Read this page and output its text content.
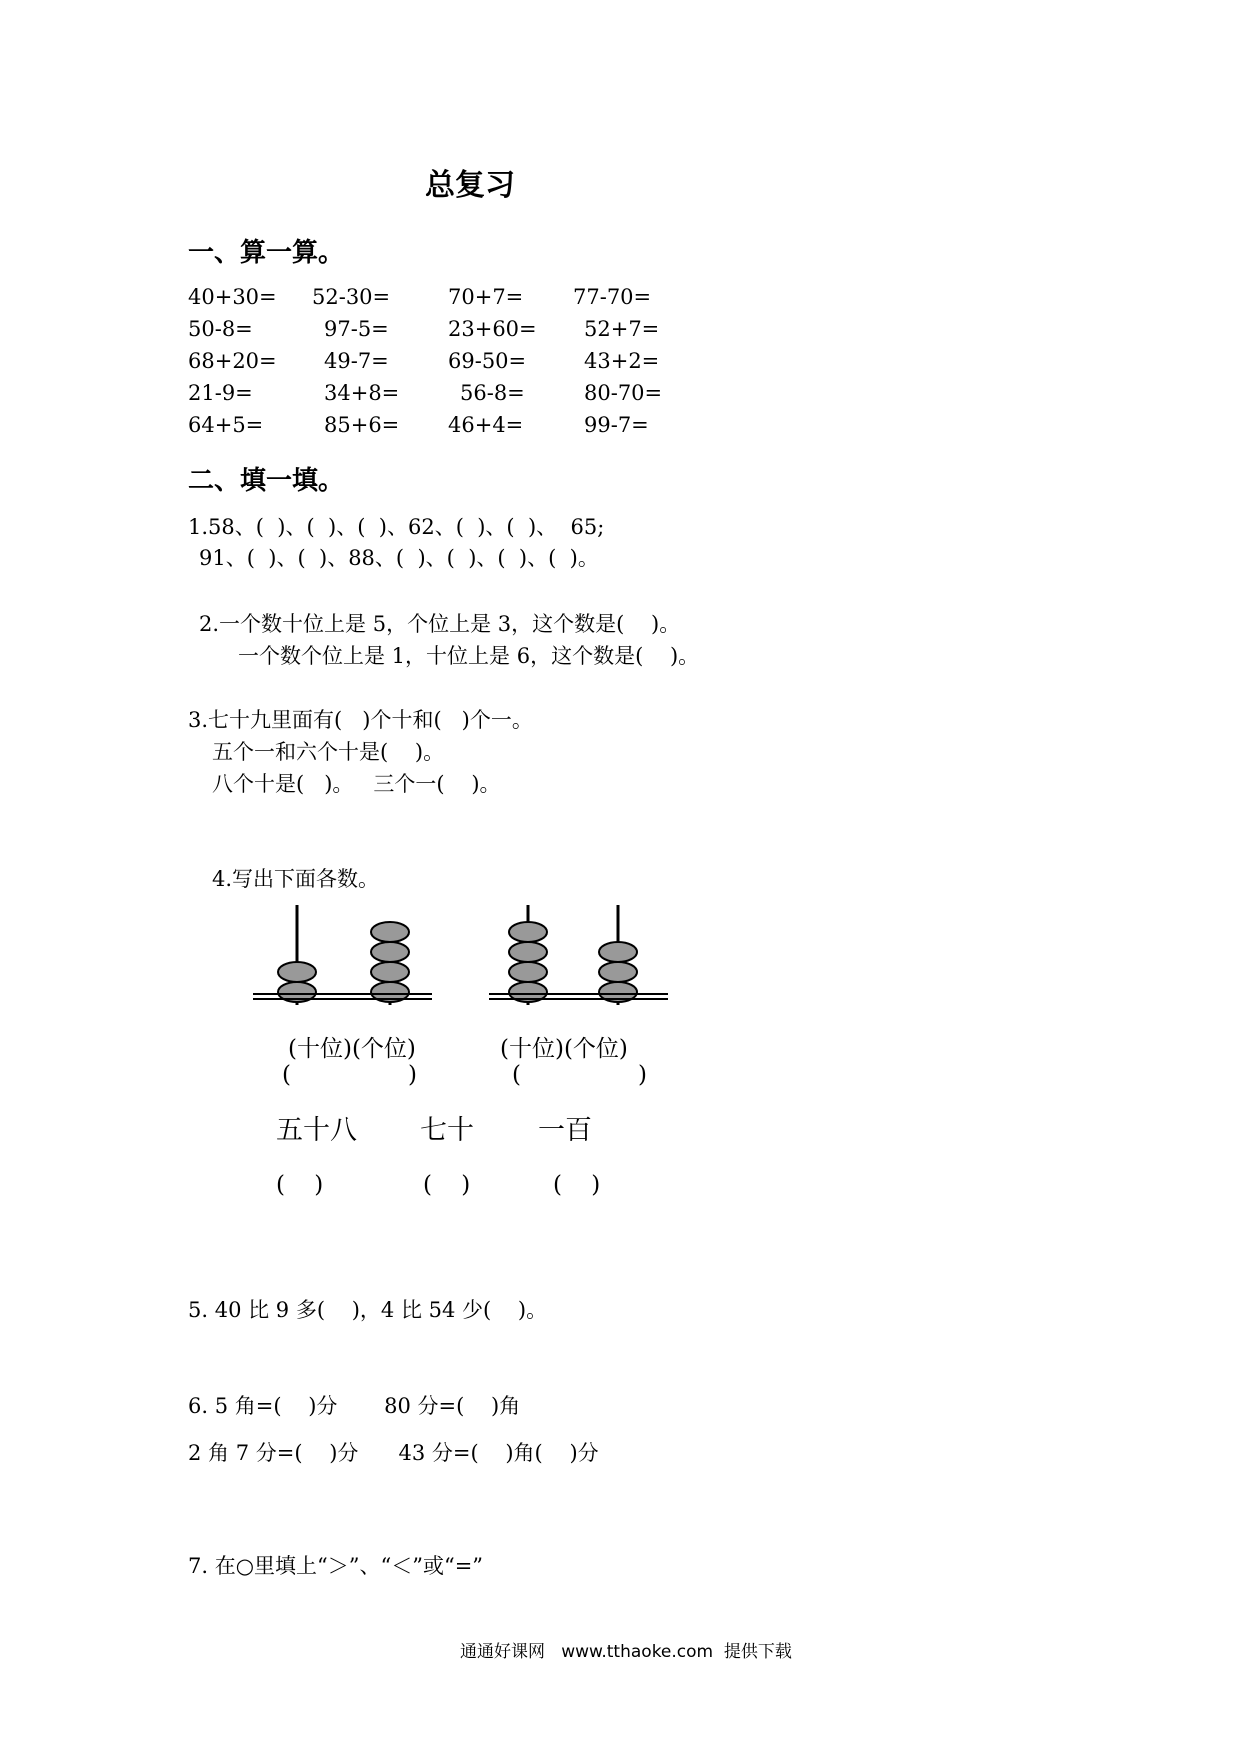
总复习
一、算一算。
40+30= 52-30=	70+7= 77-70=
50-8=	97-5=	23+60= 52+7=
68+20= 49-7=	69-50=	43+2=
21-9=	34+8=	56-8=	80-70=
64+5=	85+6= 46+4=	99-7=
二、填一填。
1.58、(  )、(  )、(  )、62、(  )、(  )、  65;
91、(  )、(  )、88、(  )、(  )、(  )、(  )。
2.一个数十位上是 5，个位上是 3，这个数是(    )。
一个数个位上是 1，十位上是 6，这个数是(    )。
3.七十九里面有(   )个十和(   )个一。
五个一和六个十是(    )。
八个十是(   )。   三个一(    )。
4.写出下面各数。
(十位)(个位)	(十位)(个位)
(                )	(                )
五十八 七十 一百
(    )	(    )	(    )
5. 40 比 9 多(    )，4 比 54 少(    )。
6. 5 角=(    )分       80 分=(    )角
2 角 7 分=(    )分      43 分=(    )角(    )分
7. 在○里填上“＞”、“＜”或“=”
通通好课网   www.tthaoke.com  提供下载
